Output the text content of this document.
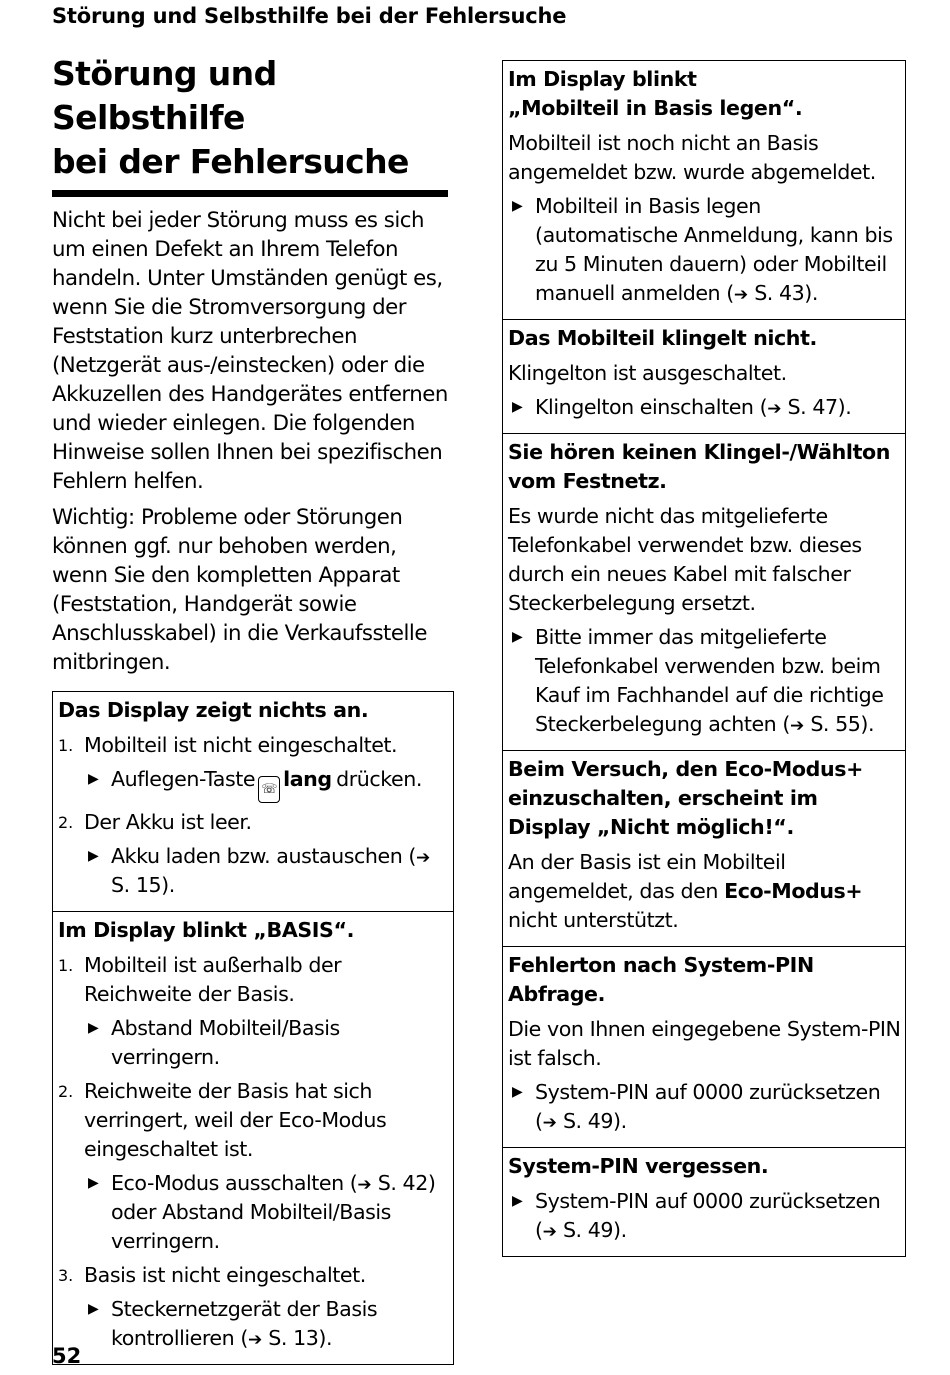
Störung und Selbsthilfe bei der Fehlersuche
Störung und Selbsthilfe
bei der Fehlersuche

Nicht bei jeder Störung muss es sich um einen Defekt an Ihrem Telefon handeln. Unter Umständen genügt es, wenn Sie die Stromversorgung der Feststation kurz unterbrechen (Netzgerät aus-/einstecken) oder die Akkuzellen des Handgerätes entfernen und wieder einlegen. Die folgenden Hinweise sollen Ihnen bei spezifischen Fehlern helfen.

Wichtig: Probleme oder Störungen können ggf. nur behoben werden, wenn Sie den kompletten Apparat (Feststation, Handgerät sowie Anschlusskabel) in die Verkaufsstelle mitbringen.

Das Display zeigt nichts an.

1. Mobilteil ist nicht eingeschaltet.

▶ Auflegen-Taste ☏ lang drücken.
2. Der Akku ist leer.

▶ Akku laden bzw. austauschen (➔ S. 15).

Im Display blinkt „BASIS“.

1. Mobilteil ist außerhalb der Reichweite der Basis.

▶ Abstand Mobilteil/Basis verringern.
2. Reichweite der Basis hat sich verringert, weil der Eco-Modus eingeschaltet ist.

▶ Eco-Modus ausschalten (➔ S. 42) oder Abstand Mobilteil/Basis verringern.
3. Basis ist nicht eingeschaltet.

▶ Steckernetzgerät der Basis kontrollieren (➔ S. 13).

Im Display blinkt
„Mobilteil in Basis legen“.

Mobilteil ist noch nicht an Basis angemeldet bzw. wurde abgemeldet.

▶ Mobilteil in Basis legen (automatische Anmeldung, kann bis zu 5 Minuten dauern) oder Mobilteil manuell anmelden (➔ S. 43).

Das Mobilteil klingelt nicht.

Klingelton ist ausgeschaltet.

▶ Klingelton einschalten (➔ S. 47).

Sie hören keinen Klingel-/Wählton vom Festnetz.

Es wurde nicht das mitgelieferte Telefonkabel verwendet bzw. dieses durch ein neues Kabel mit falscher Steckerbelegung ersetzt.

▶ Bitte immer das mitgelieferte Telefonkabel verwenden bzw. beim Kauf im Fachhandel auf die richtige Steckerbelegung achten (➔ S. 55).

Beim Versuch, den Eco-Modus+ einzuschalten, erscheint im Display „Nicht möglich!“.

An der Basis ist ein Mobilteil angemeldet, das den Eco-Modus+ nicht unterstützt.

Fehlerton nach System-PIN Abfrage.

Die von Ihnen eingegebene System-PIN ist falsch.

▶ System-PIN auf 0000 zurücksetzen (➔ S. 49).

System-PIN vergessen.

▶ System-PIN auf 0000 zurücksetzen (➔ S. 49).
52
